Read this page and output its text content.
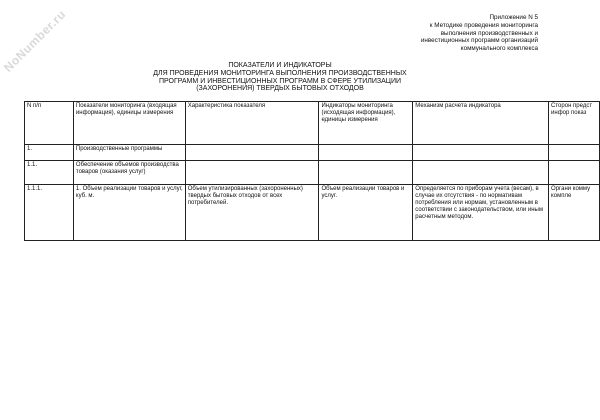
NoNumber.ru	Приложение N 5
к Методике проведения мониторинга
выполнения производственных и
инвестиционных программ организаций
коммунального комплекса
ПОКАЗАТЕЛИ И ИНДИКАТОРЫ
ДЛЯ ПРОВЕДЕНИЯ МОНИТОРИНГА ВЫПОЛНЕНИЯ ПРОИЗВОДСТВЕННЫХ
ПРОГРАММ И ИНВЕСТИЦИОННЫХ ПРОГРАММ В СФЕРЕ УТИЛИЗАЦИИ
(ЗАХОРОНЕНИЯ) ТВЕРДЫХ БЫТОВЫХ ОТХОДОВ
N п/п	Показатели мониторинга (входящая информация), единицы измерения	Характеристика показателя	Индикаторы мониторинга (исходящая информация), единицы измерения	Механизм расчета индикатора	Сторон предст инфор показ
1.	Производственные программы				
1.1.	Обеспечение объемов производства товаров (оказания услуг)				
1.1.1.	1. Объем реализации товаров и услуг, куб. м.	Объем утилизированных (захороненных) твердых бытовых отходов от всех потребителей.	Объем реализации товаров и услуг.	Определяется по приборам учета (весам), в случае их отсутствия - по нормативам потребления или нормам, установленным в соответствии с законодательством, или иным расчетным методом.	Органи комму компле
